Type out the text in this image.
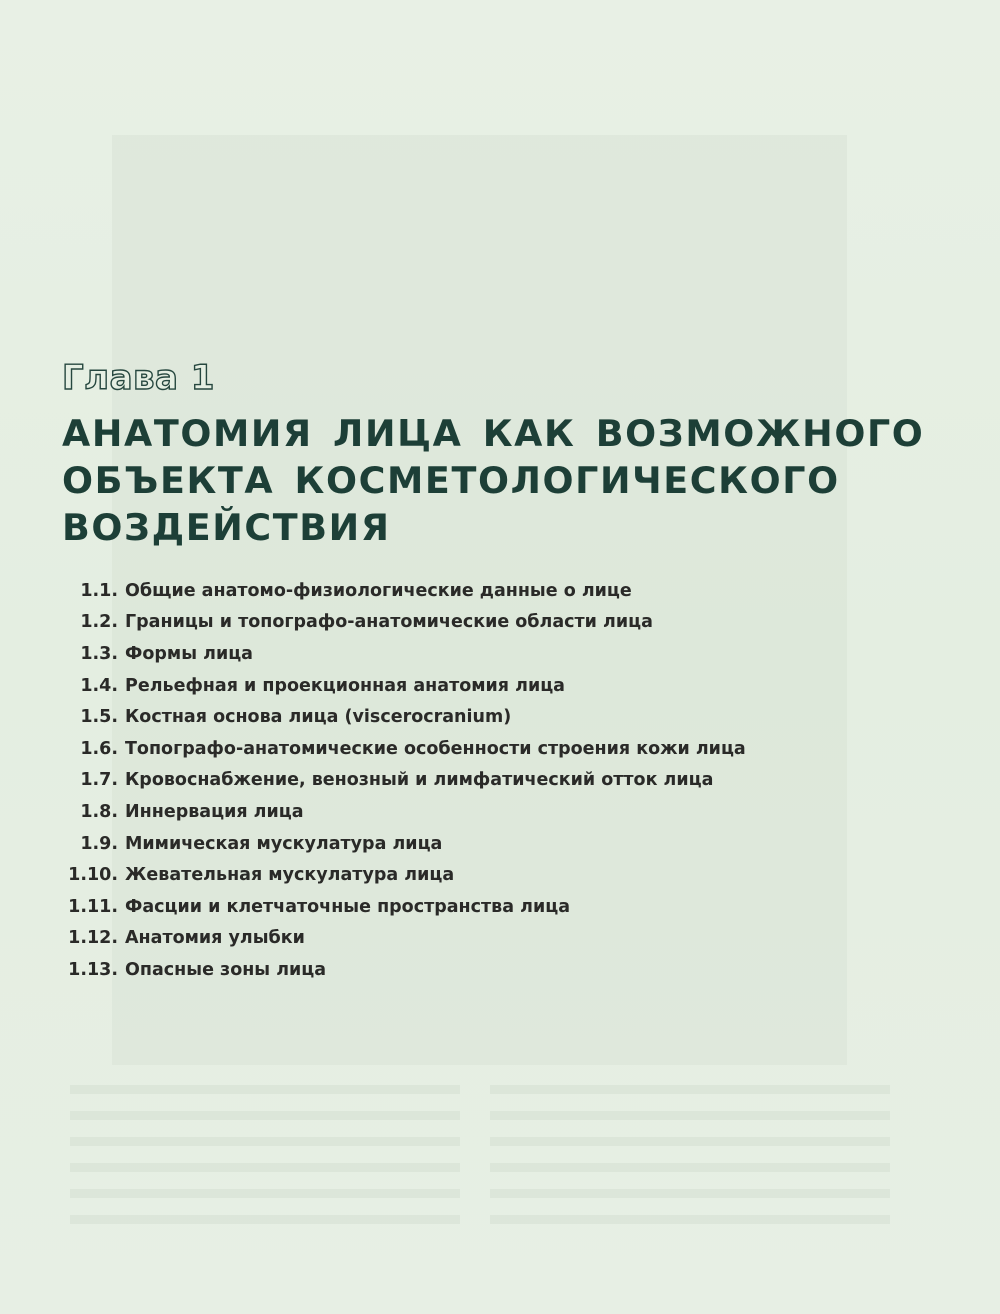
Глава 1
АНАТОМИЯ ЛИЦА КАК ВОЗМОЖНОГО
ОБЪЕКТА КОСМЕТОЛОГИЧЕСКОГО
ВОЗДЕЙСТВИЯ
1.1. Общие анатомо-физиологические данные о лице
1.2. Границы и топографо-анатомические области лица
1.3. Формы лица
1.4. Рельефная и проекционная анатомия лица
1.5. Костная основа лица (viscerocranium)
1.6. Топографо-анатомические особенности строения кожи лица
1.7. Кровоснабжение, венозный и лимфатический отток лица
1.8. Иннервация лица
1.9. Мимическая мускулатура лица
1.10. Жевательная мускулатура лица
1.11. Фасции и клетчаточные пространства лица
1.12. Анатомия улыбки
1.13. Опасные зоны лица
